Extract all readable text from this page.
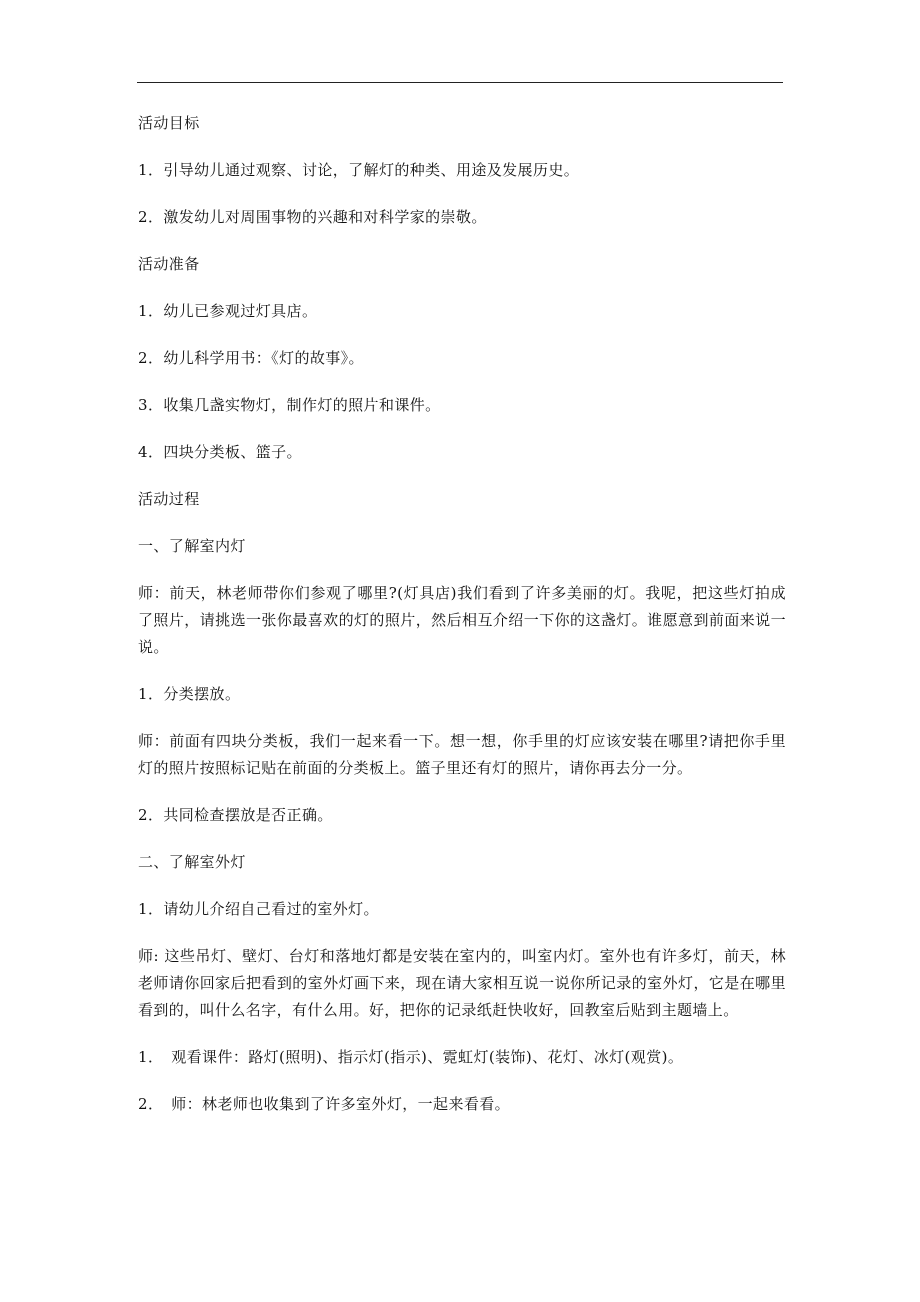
活动目标

1．引导幼儿通过观察、讨论，了解灯的种类、用途及发展历史。

2．激发幼儿对周围事物的兴趣和对科学家的崇敬。

活动准备

1．幼儿已参观过灯具店。

2．幼儿科学用书：《灯的故事》。

3．收集几盏实物灯，制作灯的照片和课件。

4．四块分类板、篮子。

活动过程

一、了解室内灯

师：前天，林老师带你们参观了哪里?(灯具店)我们看到了许多美丽的灯。我呢，把这些灯拍成了照片，请挑选一张你最喜欢的灯的照片，然后相互介绍一下你的这盏灯。谁愿意到前面来说一说。

1．分类摆放。

师：前面有四块分类板，我们一起来看一下。想一想，你手里的灯应该安装在哪里?请把你手里灯的照片按照标记贴在前面的分类板上。篮子里还有灯的照片，请你再去分一分。

2．共同检查摆放是否正确。

二、了解室外灯

1．请幼儿介绍自己看过的室外灯。

师: 这些吊灯、壁灯、台灯和落地灯都是安装在室内的，叫室内灯。室外也有许多灯，前天，林老师请你回家后把看到的室外灯画下来，现在请大家相互说一说你所记录的室外灯，它是在哪里看到的，叫什么名字，有什么用。好，把你的记录纸赶快收好，回教室后贴到主题墙上。

1．　观看课件：路灯(照明)、指示灯(指示)、霓虹灯(装饰)、花灯、冰灯(观赏)。

2．　师：林老师也收集到了许多室外灯，一起来看看。
